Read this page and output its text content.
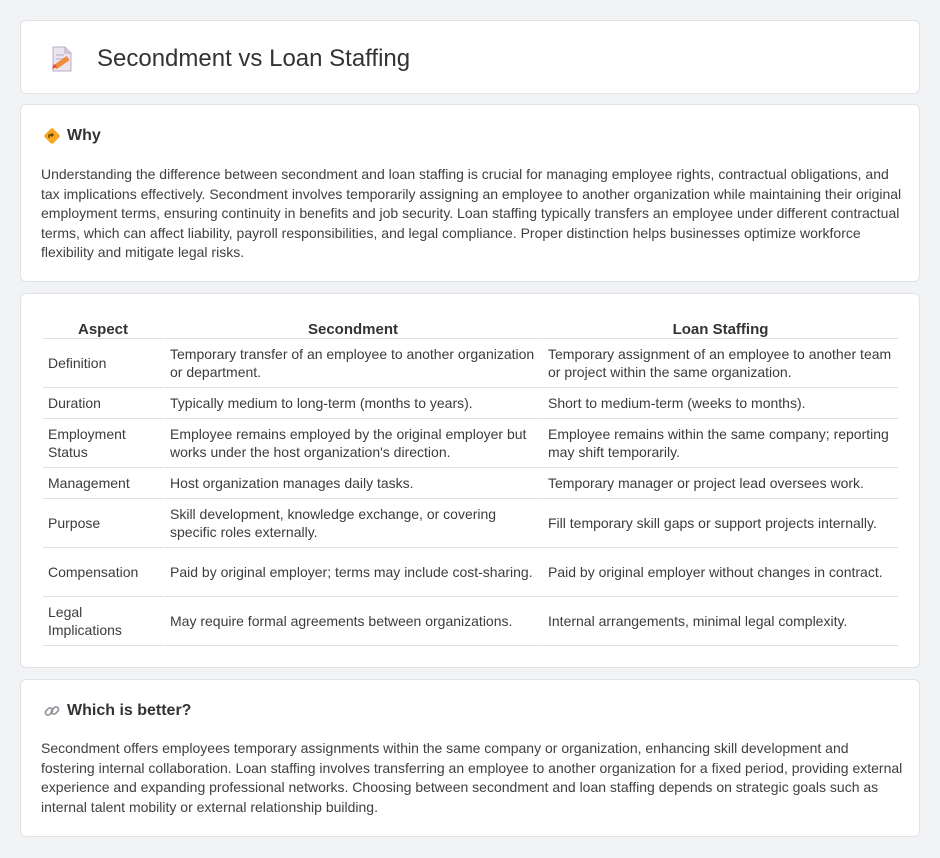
Secondment vs Loan Staffing
Why

Understanding the difference between secondment and loan staffing is crucial for managing employee rights, contractual obligations, and tax implications effectively. Secondment involves temporarily assigning an employee to another organization while maintaining their original employment terms, ensuring continuity in benefits and job security. Loan staffing typically transfers an employee under different contractual terms, which can affect liability, payroll responsibilities, and legal compliance. Proper distinction helps businesses optimize workforce flexibility and mitigate legal risks.

Aspect	Secondment	Loan Staffing
Definition	Temporary transfer of an employee to another organization or department.	Temporary assignment of an employee to another team or project within the same organization.
Duration	Typically medium to long-term (months to years).	Short to medium-term (weeks to months).
Employment Status	Employee remains employed by the original employer but works under the host organization's direction.	Employee remains within the same company; reporting may shift temporarily.
Management	Host organization manages daily tasks.	Temporary manager or project lead oversees work.
Purpose	Skill development, knowledge exchange, or covering specific roles externally.	Fill temporary skill gaps or support projects internally.
Compensation	Paid by original employer; terms may include cost-sharing.	Paid by original employer without changes in contract.
Legal Implications	May require formal agreements between organizations.	Internal arrangements, minimal legal complexity.
Which is better?

Secondment offers employees temporary assignments within the same company or organization, enhancing skill development and fostering internal collaboration. Loan staffing involves transferring an employee to another organization for a fixed period, providing external experience and expanding professional networks. Choosing between secondment and loan staffing depends on strategic goals such as internal talent mobility or external relationship building.
